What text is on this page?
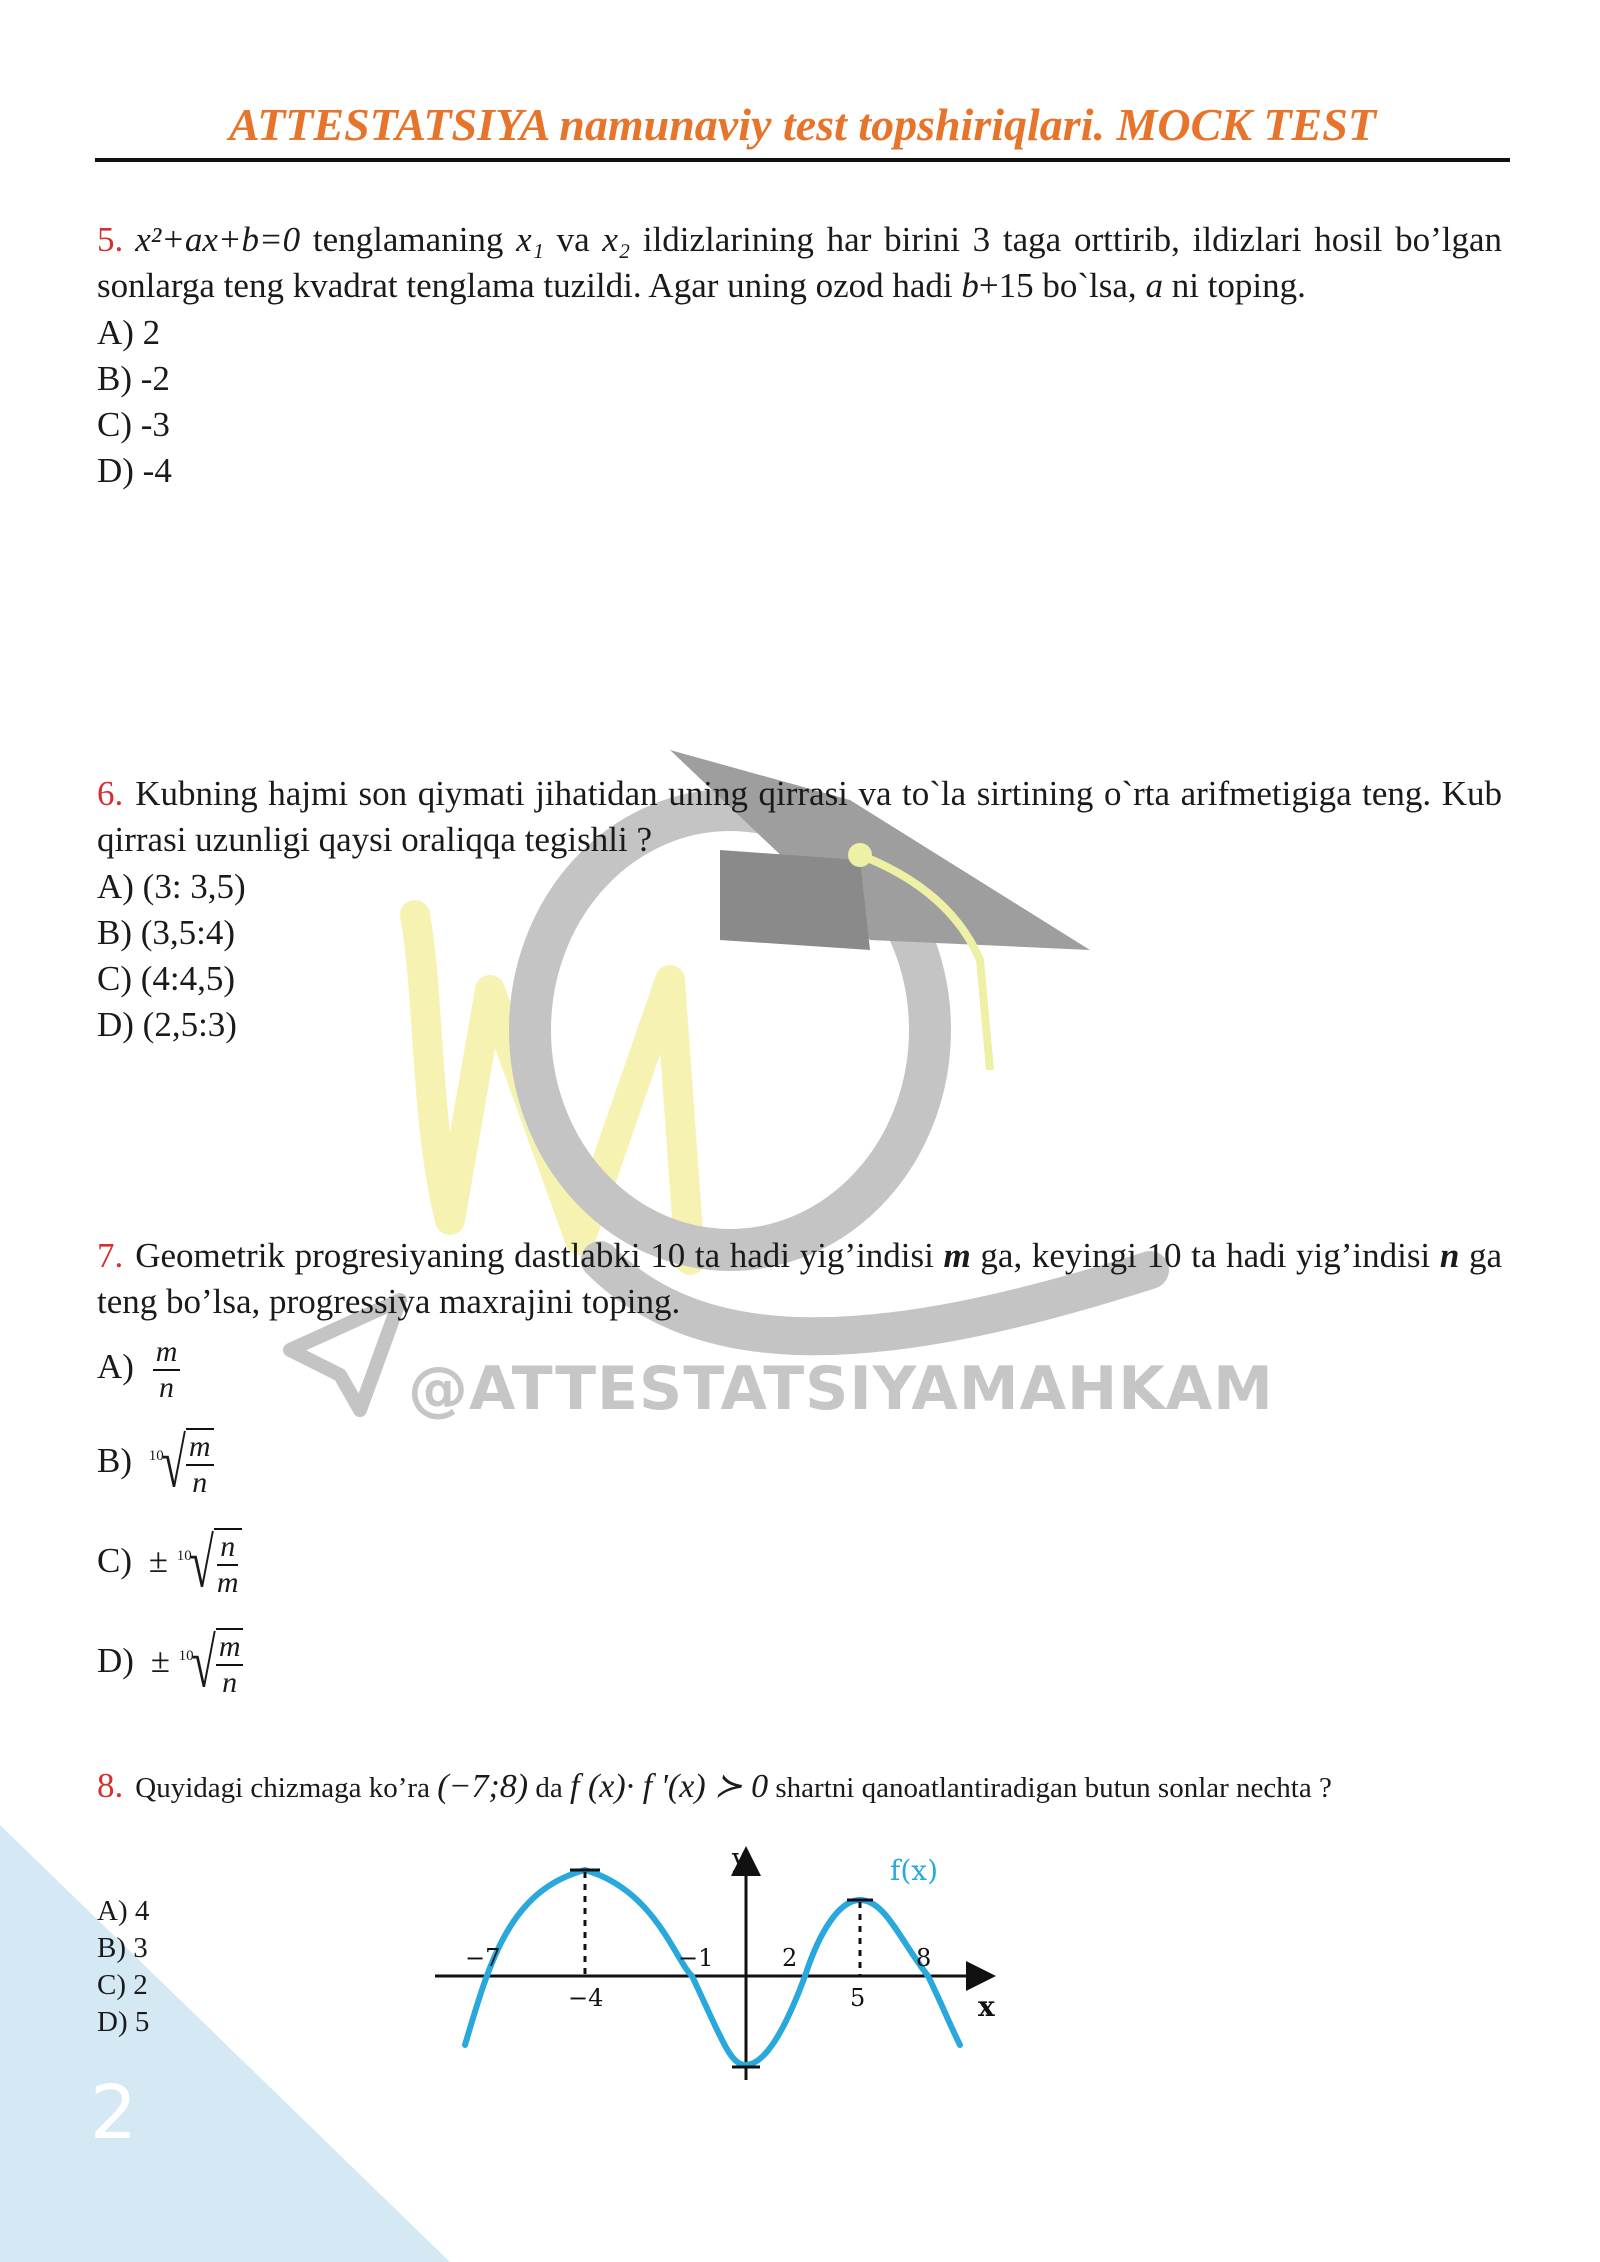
@ATTESTATSIYAMAHKAM
ATTESTATSIYA namunaviy test topshiriqlari. MOCK TEST
5. x²+ax+b=0 tenglamaning x₁ va x₂ ildizlarining har birini 3 taga orttirib, ildizlari hosil bo’lgan sonlarga teng kvadrat tenglama tuzildi. Agar uning ozod hadi b+15 bo`lsa, a ni toping.
A) 2
B) -2
C) -3
D) -4
6. Kubning hajmi son qiymati jihatidan uning qirrasi va to`la sirtining o`rta arifmetigiga teng. Kub qirrasi uzunligi qaysi oraliqqa tegishli ?
A) (3: 3,5)
B) (3,5:4)
C) (4:4,5)
D) (2,5:3)
7. Geometrik progresiyaning dastlabki 10 ta hadi yig’indisi m ga, keyingi 10 ta hadi yig’indisi n ga teng bo’lsa, progressiya maxrajini toping.
$A) \frac{m}{n}$
B) 10
√ $\frac{m}{n}$
C) ± 10
√ $\frac{n}{m}$
D) ± 10
√ $\frac{m}{n}$
8. Quyidagi chizmaga ko’ra (−7;8) da f (x)· f '(x) ≻ 0 shartni qanoatlantiradigan butun sonlar nechta ?
A) 4
B) 3
C) 2
D) 5
y
x
f(x)
−7
−4
−1	2
5
8
2
